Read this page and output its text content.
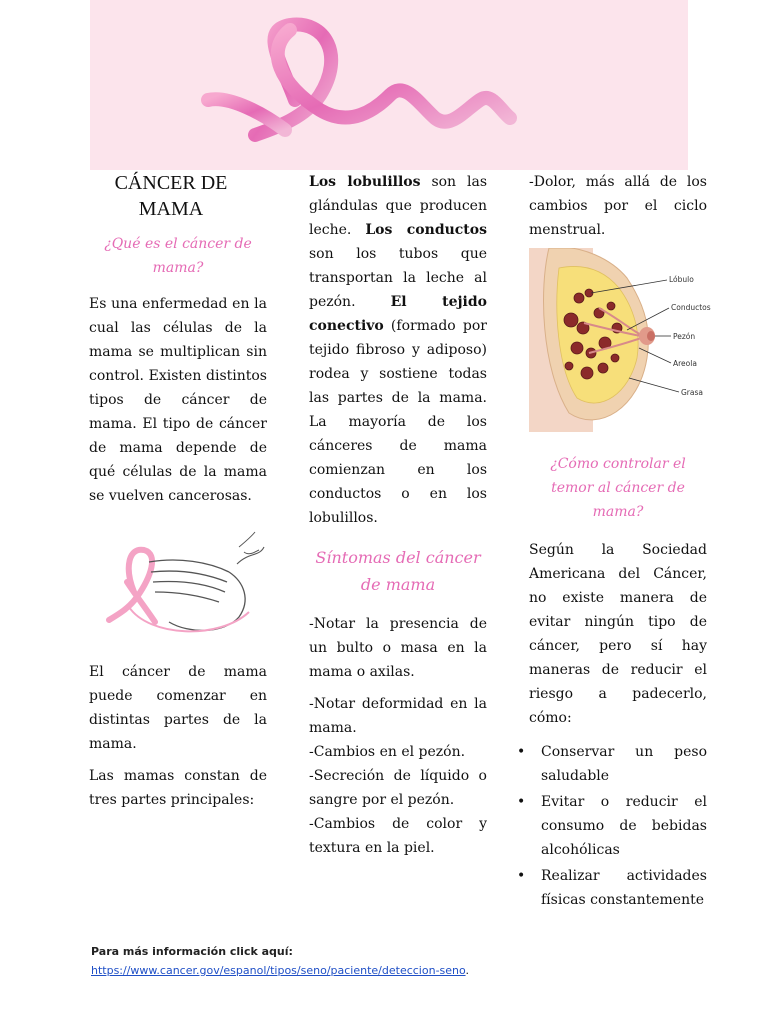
CÁNCER DE
MAMA
¿Qué es el cáncer de mama?

Es una enfermedad en la cual las células de la mama se multiplican sin control. Existen distintos tipos de cáncer de mama. El tipo de cáncer de mama depende de qué células de la mama se vuelven cancerosas.

El cáncer de mama puede comenzar en distintas partes de la mama.

Las mamas constan de tres partes principales:

Los lobulillos son las glándulas que producen leche. Los conductos son los tubos que transportan la leche al pezón. El tejido conectivo (formado por tejido fibroso y adiposo) rodea y sostiene todas las partes de la mama. La mayoría de los cánceres de mama comienzan en los conductos o en los lobulillos.

Síntomas del cáncer de mama

-Notar la presencia de un bulto o masa en la mama o axilas.

-Notar deformidad en la mama.

-Cambios en el pezón.

-Secreción de líquido o sangre por el pezón.

-Cambios de color y textura en la piel.

-Dolor, más allá de los cambios por el ciclo menstrual.

Lóbulo
Conductos
Pezón
Areola
Grasa
¿Cómo controlar el temor al cáncer de mama?

Según la Sociedad Americana del Cáncer, no existe manera de evitar ningún tipo de cáncer, pero sí hay maneras de reducir el riesgo a padecerlo, cómo:

• Conservar un peso saludable
• Evitar o reducir el consumo de bebidas alcohólicas
• Realizar actividades físicas constantemente
Para más información click aquí:
https://www.cancer.gov/espanol/tipos/seno/paciente/deteccion-seno.
